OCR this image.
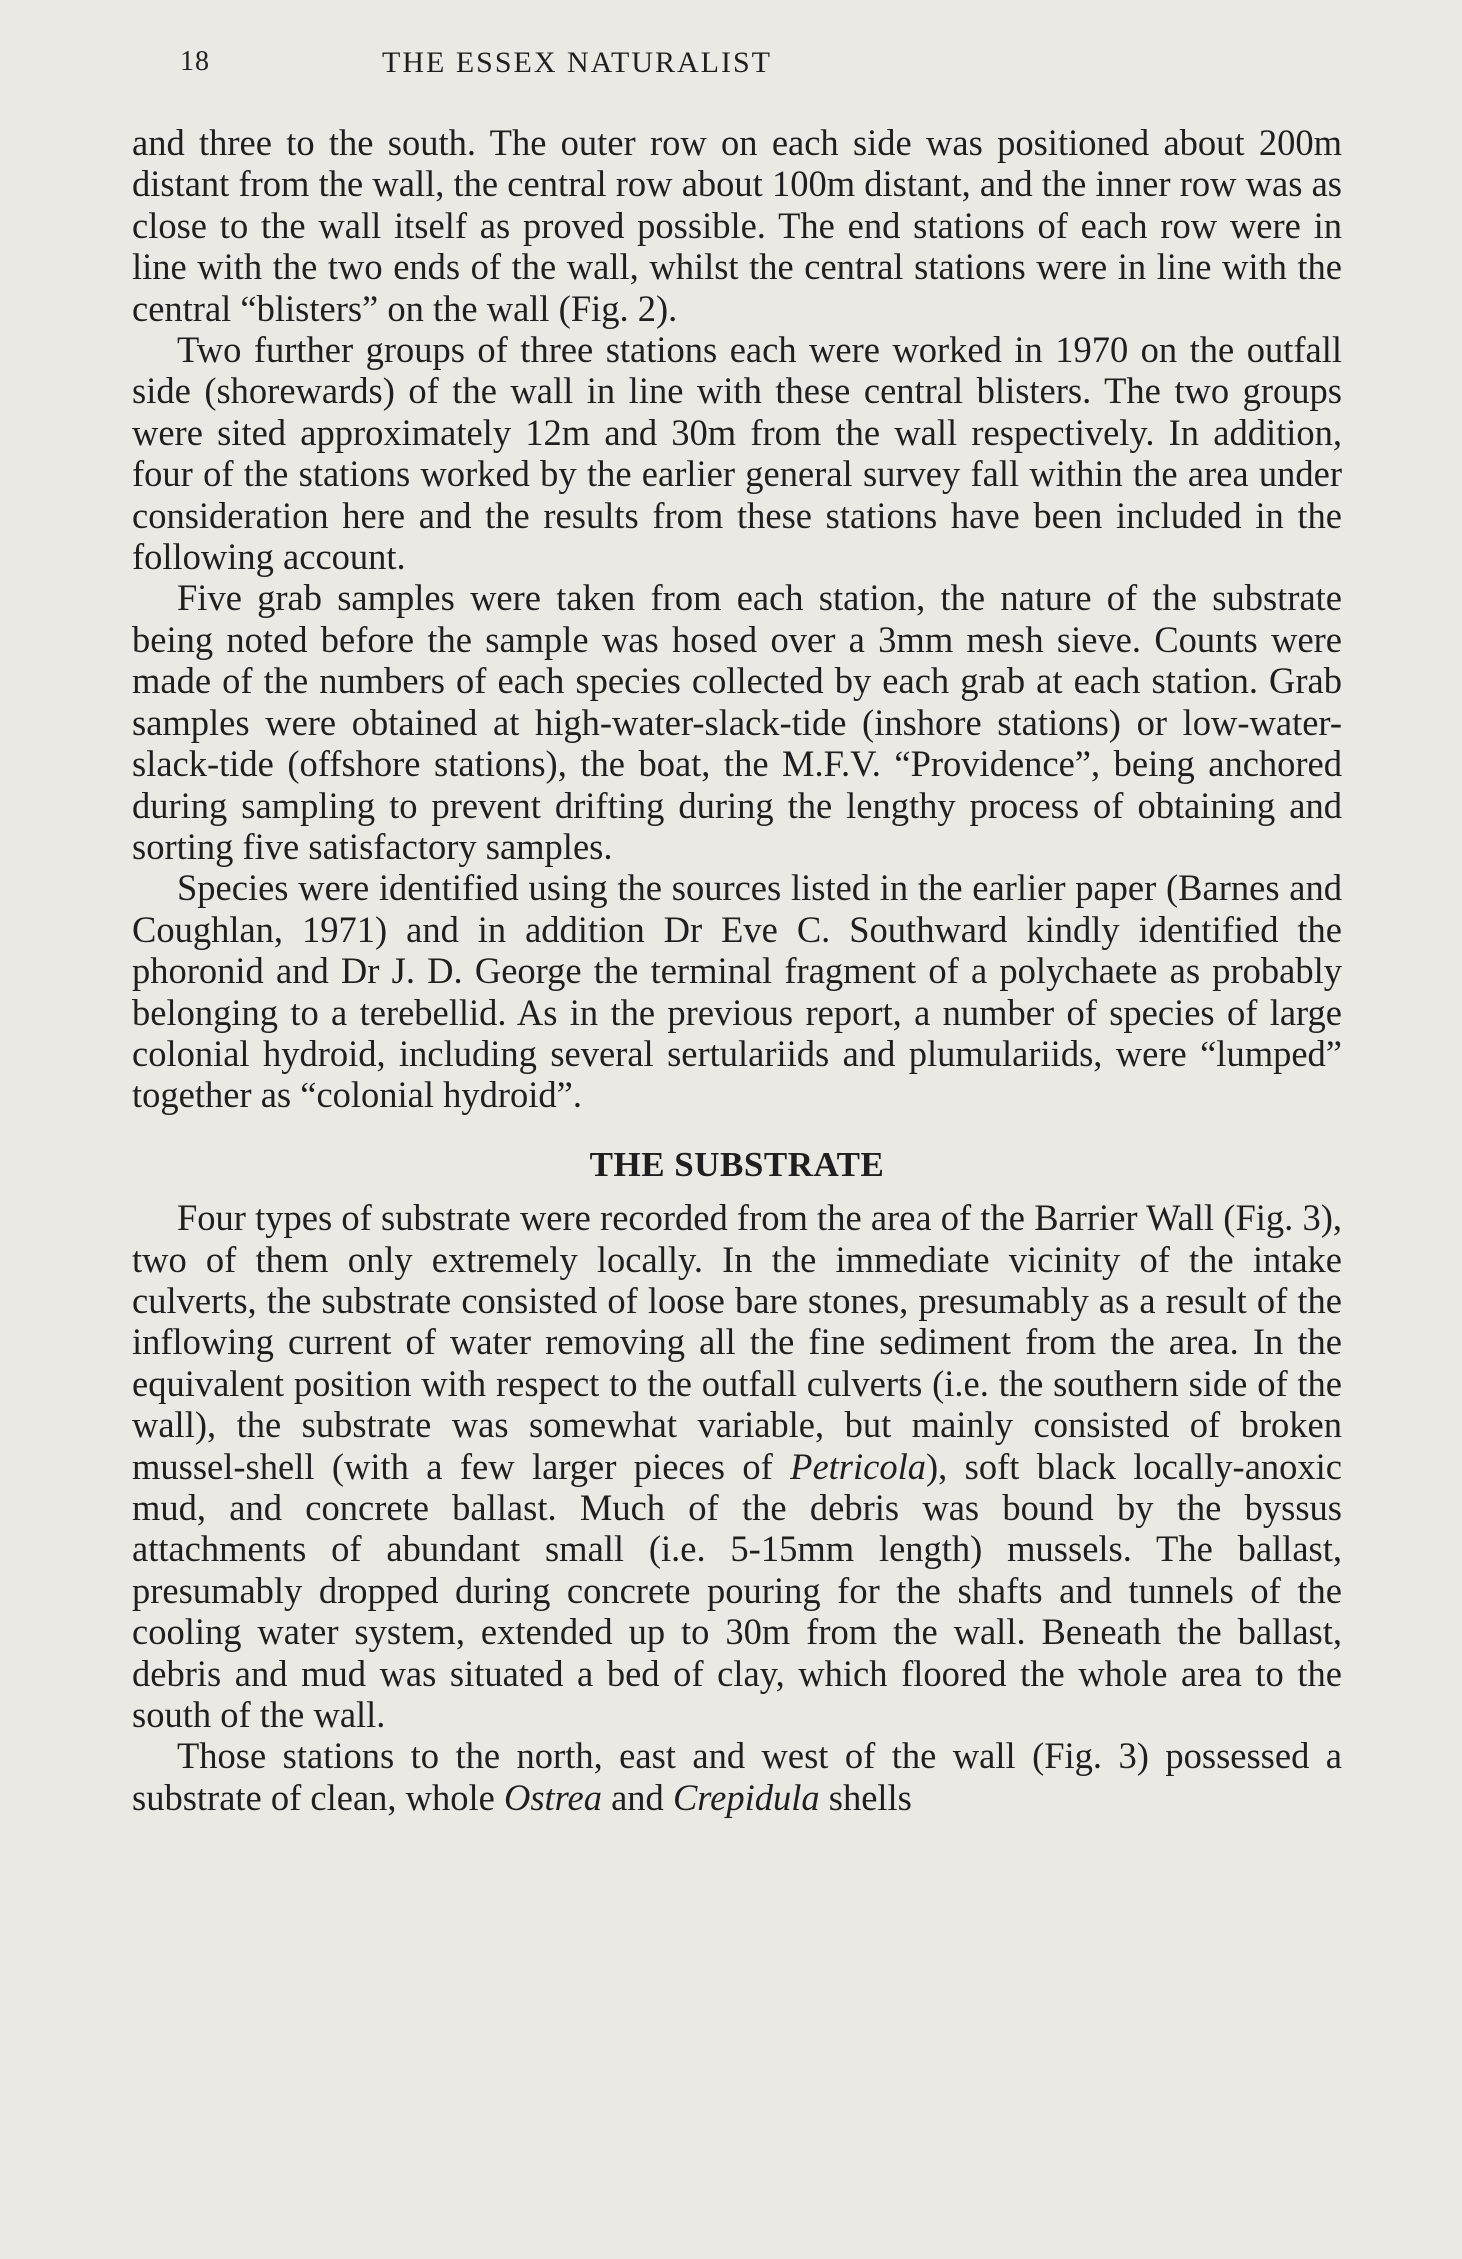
18	THE ESSEX NATURALIST

and three to the south. The outer row on each side was positioned about 200m distant from the wall, the central row about 100m distant, and the inner row was as close to the wall itself as proved possible. The end stations of each row were in line with the two ends of the wall, whilst the central stations were in line with the central “blisters” on the wall (Fig. 2).

Two further groups of three stations each were worked in 1970 on the outfall side (shorewards) of the wall in line with these central blisters. The two groups were sited approximately 12m and 30m from the wall respectively. In addition, four of the stations worked by the earlier general survey fall within the area under consideration here and the results from these stations have been included in the following account.

Five grab samples were taken from each station, the nature of the substrate being noted before the sample was hosed over a 3mm mesh sieve. Counts were made of the numbers of each species collected by each grab at each station. Grab samples were obtained at high-water-slack-tide (inshore stations) or low-water-slack-tide (offshore stations), the boat, the M.F.V. “Providence”, being anchored during sampling to prevent drifting during the lengthy process of obtaining and sorting five satisfactory samples.

Species were identified using the sources listed in the earlier paper (Barnes and Coughlan, 1971) and in addition Dr Eve C. Southward kindly identified the phoronid and Dr J. D. George the terminal fragment of a polychaete as probably belonging to a terebellid. As in the previous report, a number of species of large colonial hydroid, including several sertulariids and plumulariids, were “lumped” together as “colonial hydroid”.

THE SUBSTRATE

Four types of substrate were recorded from the area of the Barrier Wall (Fig. 3), two of them only extremely locally. In the immediate vicinity of the intake culverts, the substrate consisted of loose bare stones, presumably as a result of the inflowing current of water removing all the fine sediment from the area. In the equivalent position with respect to the outfall culverts (i.e. the southern side of the wall), the substrate was somewhat variable, but mainly consisted of broken mussel-shell (with a few larger pieces of Petricola), soft black locally-anoxic mud, and concrete ballast. Much of the debris was bound by the byssus attachments of abundant small (i.e. 5-15mm length) mussels. The ballast, presumably dropped during concrete pouring for the shafts and tunnels of the cooling water system, extended up to 30m from the wall. Beneath the ballast, debris and mud was situated a bed of clay, which floored the whole area to the south of the wall.

Those stations to the north, east and west of the wall (Fig. 3) possessed a substrate of clean, whole Ostrea and Crepidula shells
